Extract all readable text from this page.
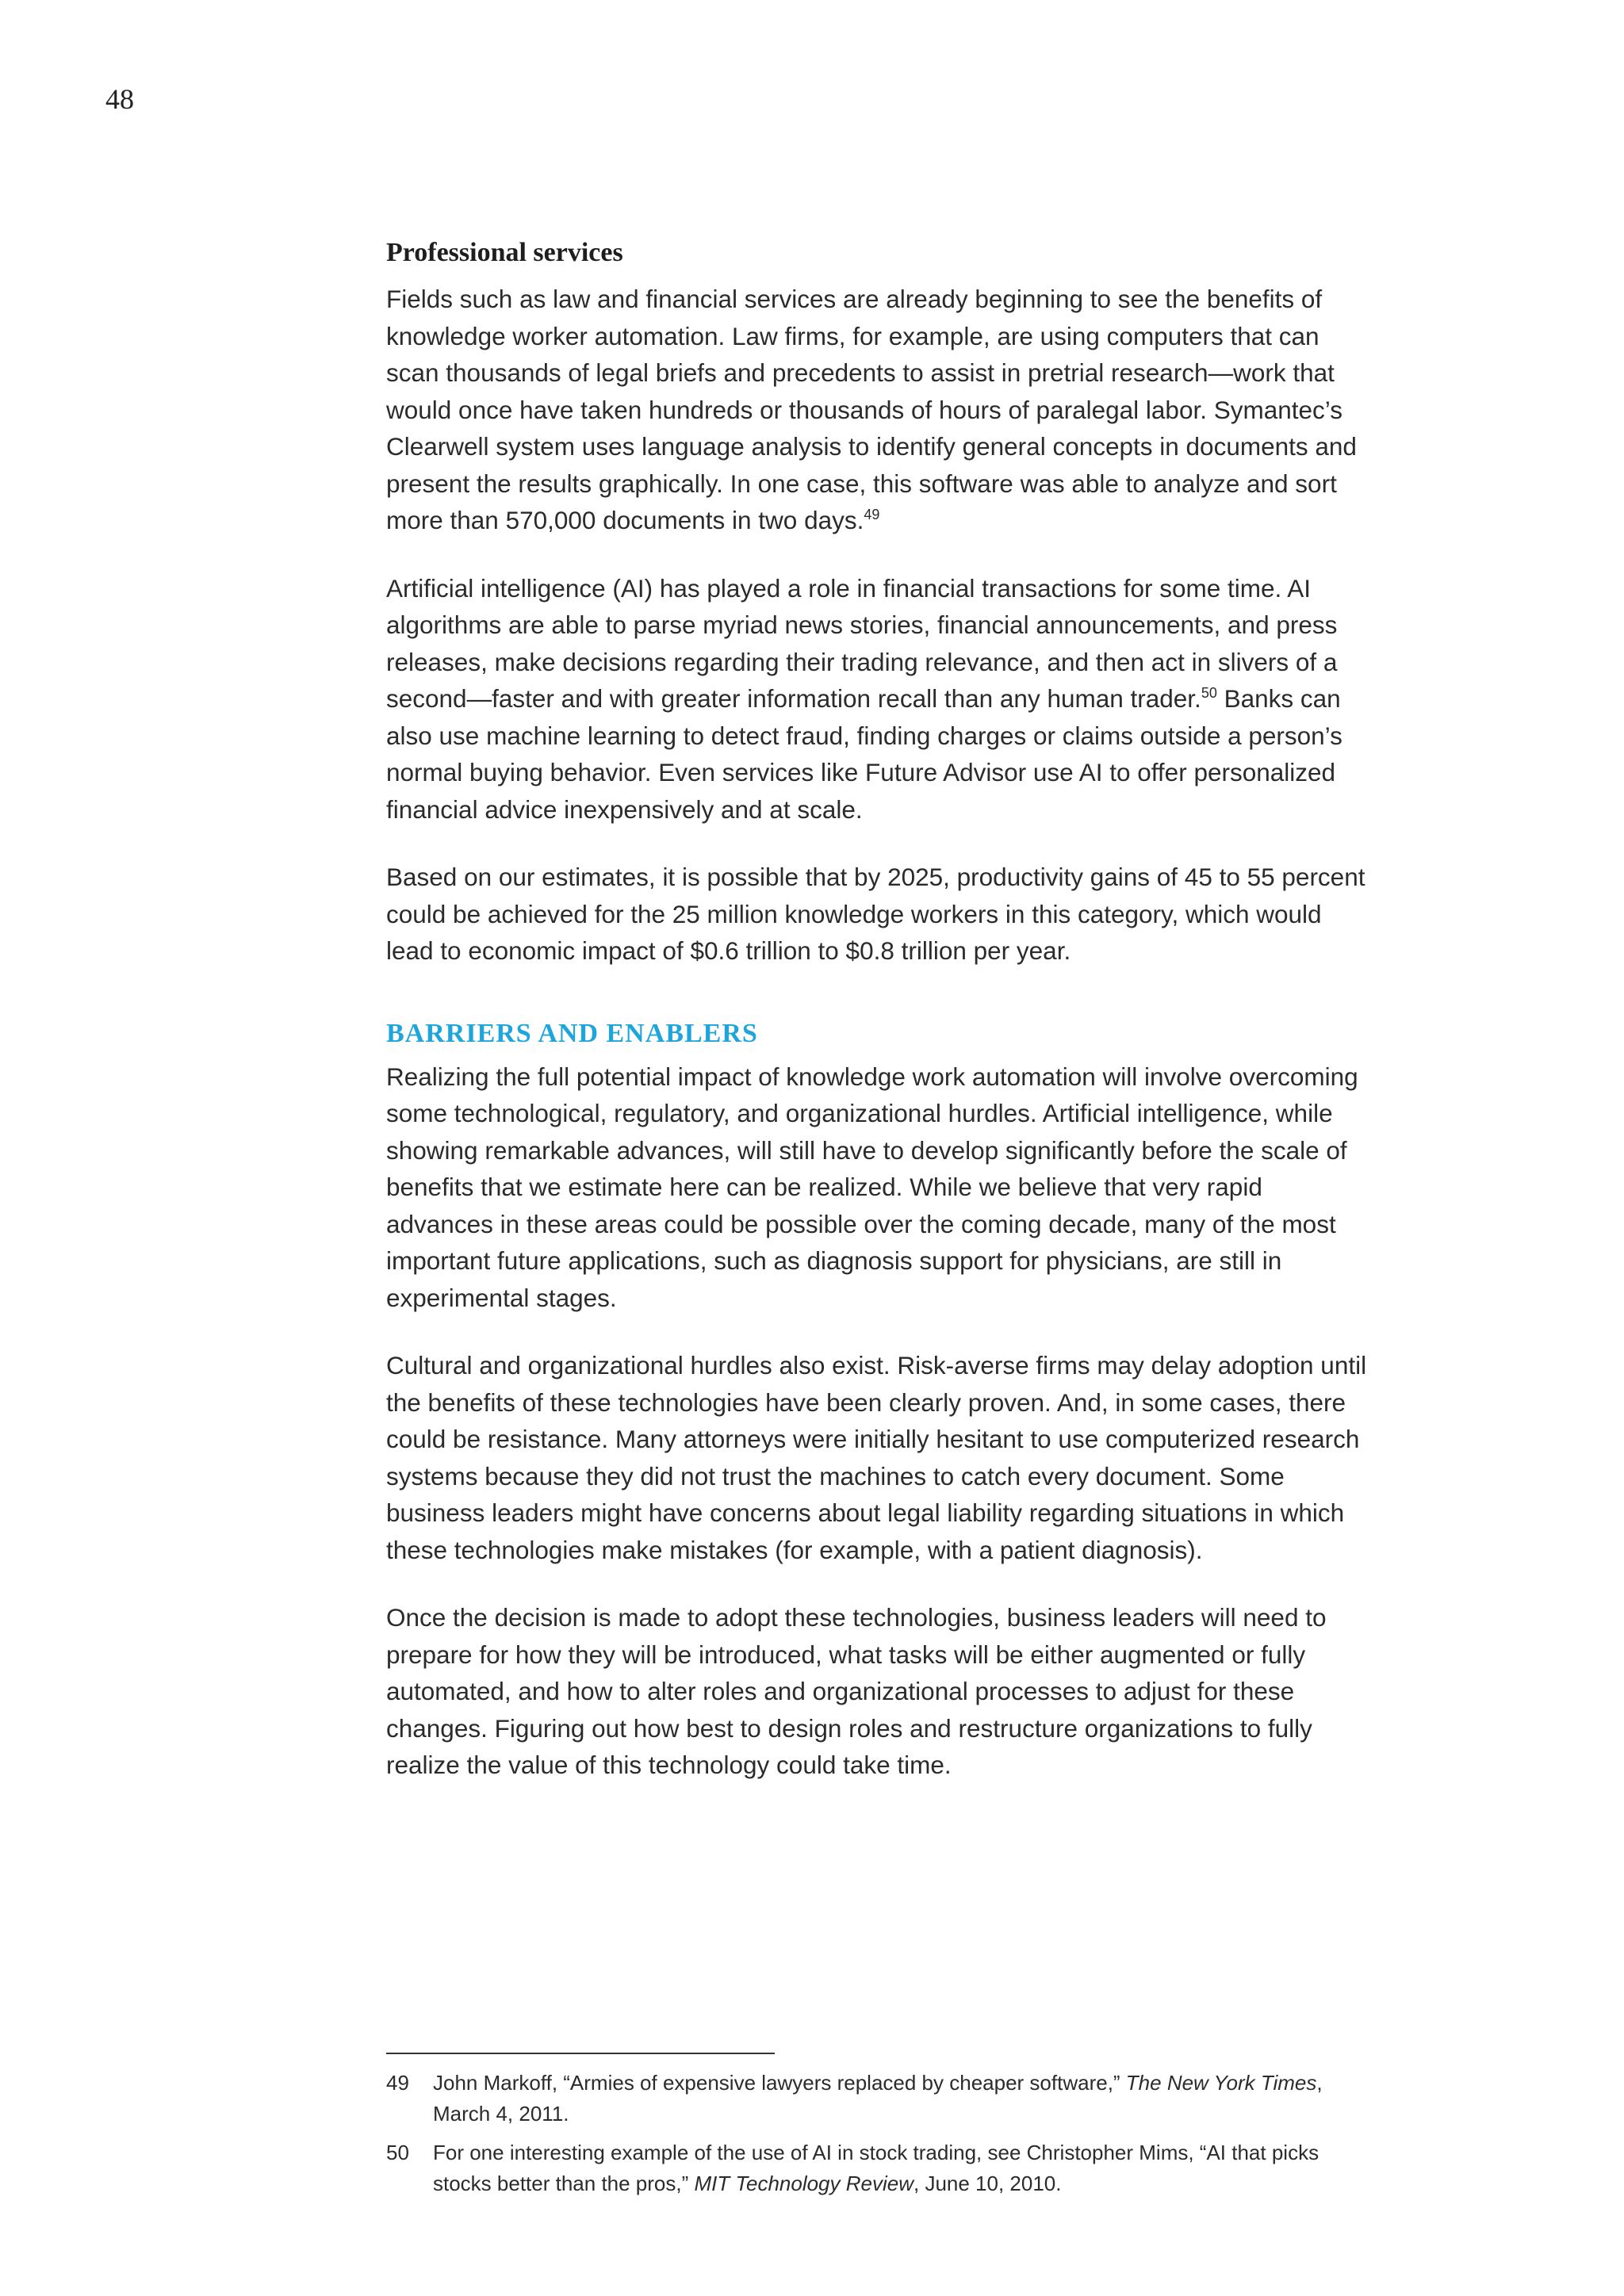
48
Professional services

Fields such as law and financial services are already beginning to see the benefits of knowledge worker automation. Law firms, for example, are using computers that can scan thousands of legal briefs and precedents to assist in pretrial research—work that would once have taken hundreds or thousands of hours of paralegal labor. Symantec’s Clearwell system uses language analysis to identify general concepts in documents and present the results graphically. In one case, this software was able to analyze and sort more than 570,000 documents in two days.$^{49}$

Artificial intelligence (AI) has played a role in financial transactions for some time. AI algorithms are able to parse myriad news stories, financial announcements, and press releases, make decisions regarding their trading relevance, and then act in slivers of a second—faster and with greater information recall than any human trader.$^{50}$ Banks can also use machine learning to detect fraud, finding charges or claims outside a person’s normal buying behavior. Even services like Future Advisor use AI to offer personalized financial advice inexpensively and at scale.

Based on our estimates, it is possible that by 2025, productivity gains of 45 to 55 percent could be achieved for the 25 million knowledge workers in this category, which would lead to economic impact of $0.6 trillion to $0.8 trillion per year.

BARRIERS AND ENABLERS

Realizing the full potential impact of knowledge work automation will involve overcoming some technological, regulatory, and organizational hurdles. Artificial intelligence, while showing remarkable advances, will still have to develop significantly before the scale of benefits that we estimate here can be realized. While we believe that very rapid advances in these areas could be possible over the coming decade, many of the most important future applications, such as diagnosis support for physicians, are still in experimental stages.

Cultural and organizational hurdles also exist. Risk-averse firms may delay adoption until the benefits of these technologies have been clearly proven. And, in some cases, there could be resistance. Many attorneys were initially hesitant to use computerized research systems because they did not trust the machines to catch every document. Some business leaders might have concerns about legal liability regarding situations in which these technologies make mistakes (for example, with a patient diagnosis).

Once the decision is made to adopt these technologies, business leaders will need to prepare for how they will be introduced, what tasks will be either augmented or fully automated, and how to alter roles and organizational processes to adjust for these changes. Figuring out how best to design roles and restructure organizations to fully realize the value of this technology could take time.

49	John Markoff, “Armies of expensive lawyers replaced by cheaper software,” The New York Times, March 4, 2011.
50	For one interesting example of the use of AI in stock trading, see Christopher Mims, “AI that picks stocks better than the pros,” MIT Technology Review, June 10, 2010.
